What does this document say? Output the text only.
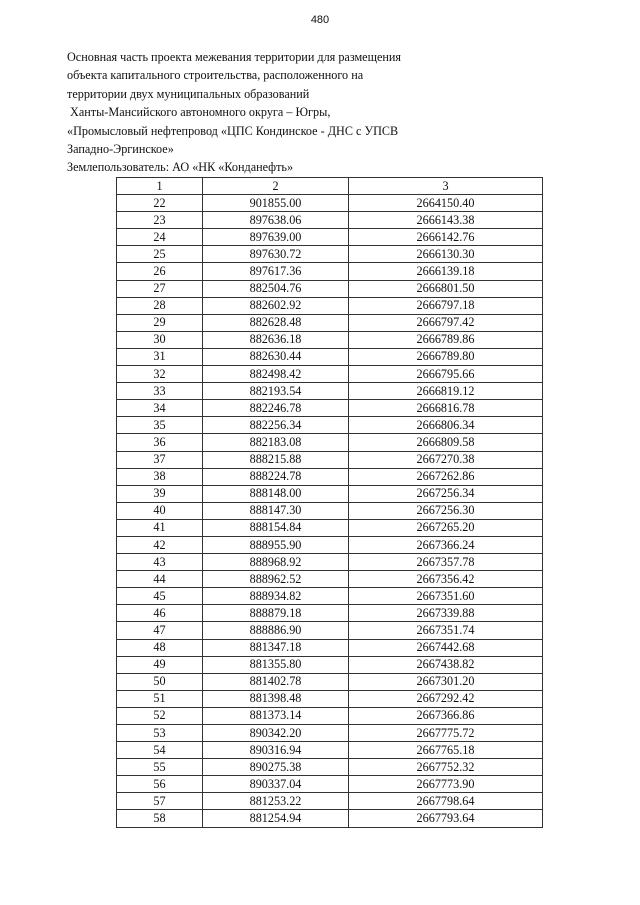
480
Основная часть проекта межевания территории для размещения
объекта капитального строительства, расположенного на
территории двух муниципальных образований
Ханты-Мансийского автономного округа – Югры,
«Промысловый нефтепровод «ЦПС Кондинское - ДНС с УПСВ
Западно-Эргинское»
Землепользователь: АО «НК «Конданефть»
1	2	3
22	901855.00	2664150.40
23	897638.06	2666143.38
24	897639.00	2666142.76
25	897630.72	2666130.30
26	897617.36	2666139.18
27	882504.76	2666801.50
28	882602.92	2666797.18
29	882628.48	2666797.42
30	882636.18	2666789.86
31	882630.44	2666789.80
32	882498.42	2666795.66
33	882193.54	2666819.12
34	882246.78	2666816.78
35	882256.34	2666806.34
36	882183.08	2666809.58
37	888215.88	2667270.38
38	888224.78	2667262.86
39	888148.00	2667256.34
40	888147.30	2667256.30
41	888154.84	2667265.20
42	888955.90	2667366.24
43	888968.92	2667357.78
44	888962.52	2667356.42
45	888934.82	2667351.60
46	888879.18	2667339.88
47	888886.90	2667351.74
48	881347.18	2667442.68
49	881355.80	2667438.82
50	881402.78	2667301.20
51	881398.48	2667292.42
52	881373.14	2667366.86
53	890342.20	2667775.72
54	890316.94	2667765.18
55	890275.38	2667752.32
56	890337.04	2667773.90
57	881253.22	2667798.64
58	881254.94	2667793.64
